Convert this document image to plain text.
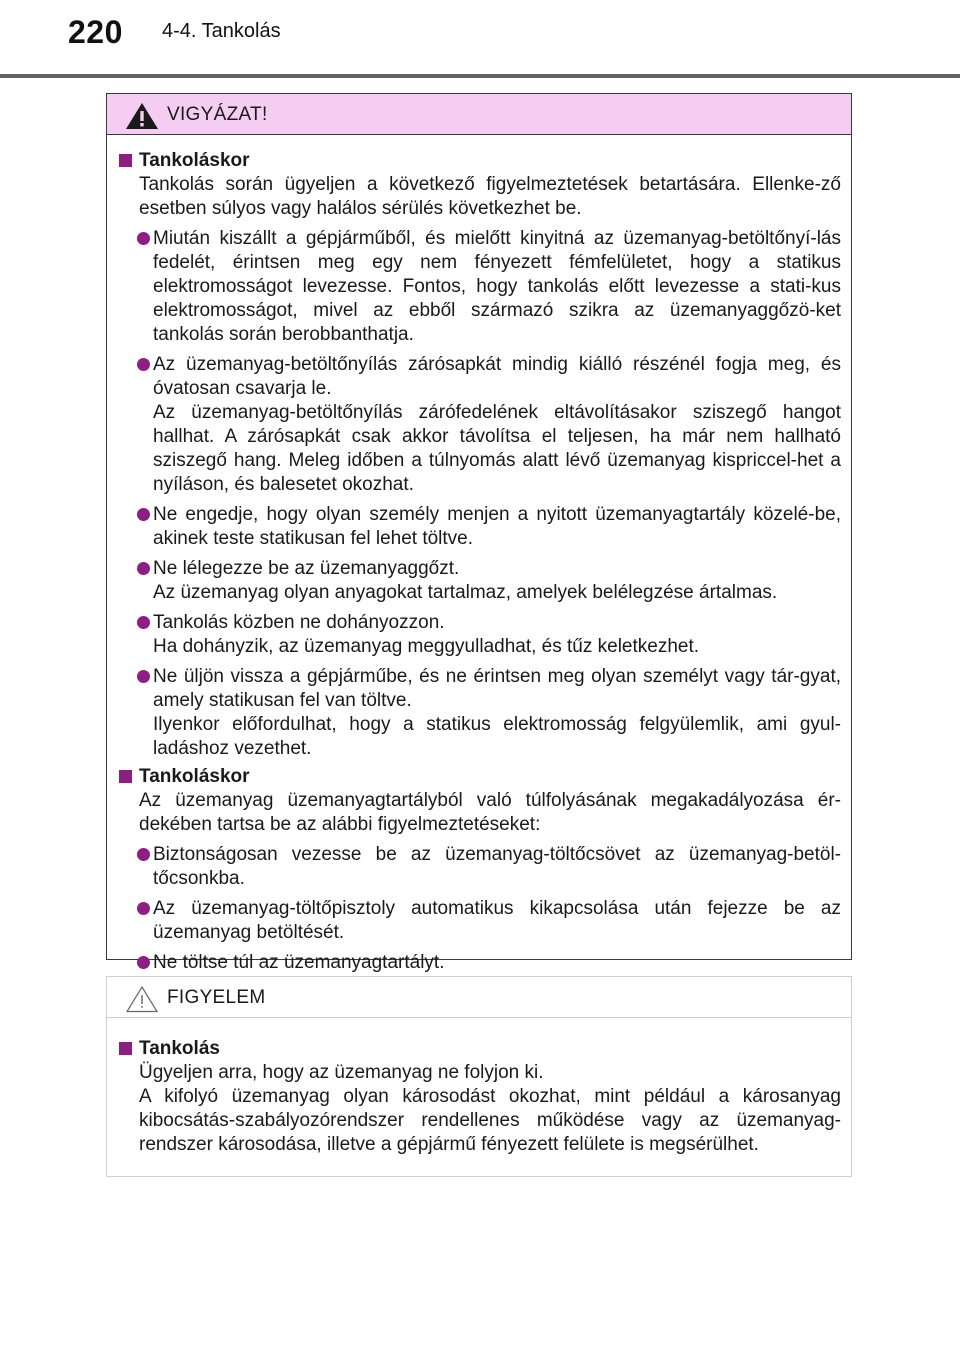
220 4-4. Tankolás
VIGYÁZAT!
Tankoláskor
Tankolás során ügyeljen a következő figyelmeztetések betartására. Ellenke-ző esetben súlyos vagy halálos sérülés következhet be.

Miután kiszállt a gépjárműből, és mielőtt kinyitná az üzemanyag-betöltőnyí-lás fedelét, érintsen meg egy nem fényezett fémfelületet, hogy a statikus elektromosságot levezesse. Fontos, hogy tankolás előtt levezesse a stati-kus elektromosságot, mivel az ebből származó szikra az üzemanyaggőzö-ket tankolás során berobbanthatja.

Az üzemanyag-betöltőnyílás zárósapkát mindig kiálló részénél fogja meg, és óvatosan csavarja le.

Az üzemanyag-betöltőnyílás zárófedelének eltávolításakor sziszegő hangot hallhat. A zárósapkát csak akkor távolítsa el teljesen, ha már nem hallható sziszegő hang. Meleg időben a túlnyomás alatt lévő üzemanyag kispriccel-het a nyíláson, és balesetet okozhat.

Ne engedje, hogy olyan személy menjen a nyitott üzemanyagtartály közelé-be, akinek teste statikusan fel lehet töltve.

Ne lélegezze be az üzemanyaggőzt.

Az üzemanyag olyan anyagokat tartalmaz, amelyek belélegzése ártalmas.

Tankolás közben ne dohányozzon.

Ha dohányzik, az üzemanyag meggyulladhat, és tűz keletkezhet.

Ne üljön vissza a gépjárműbe, és ne érintsen meg olyan személyt vagy tár-gyat, amely statikusan fel van töltve.

Ilyenkor előfordulhat, hogy a statikus elektromosság felgyülemlik, ami gyul-ladáshoz vezethet.

Tankoláskor
Az üzemanyag üzemanyagtartályból való túlfolyásának megakadályozása ér-dekében tartsa be az alábbi figyelmeztetéseket:

Biztonságosan vezesse be az üzemanyag-töltőcsövet az üzemanyag-betöl-tőcsonkba.

Az üzemanyag-töltőpisztoly automatikus kikapcsolása után fejezze be az üzemanyag betöltését.

Ne töltse túl az üzemanyagtartályt.

FIGYELEM
Tankolás
Ügyeljen arra, hogy az üzemanyag ne folyjon ki.
A kifolyó üzemanyag olyan károsodást okozhat, mint például a károsanyag kibocsátás-szabályozórendszer rendellenes működése vagy az üzemanyag-rendszer károsodása, illetve a gépjármű fényezett felülete is megsérülhet.
